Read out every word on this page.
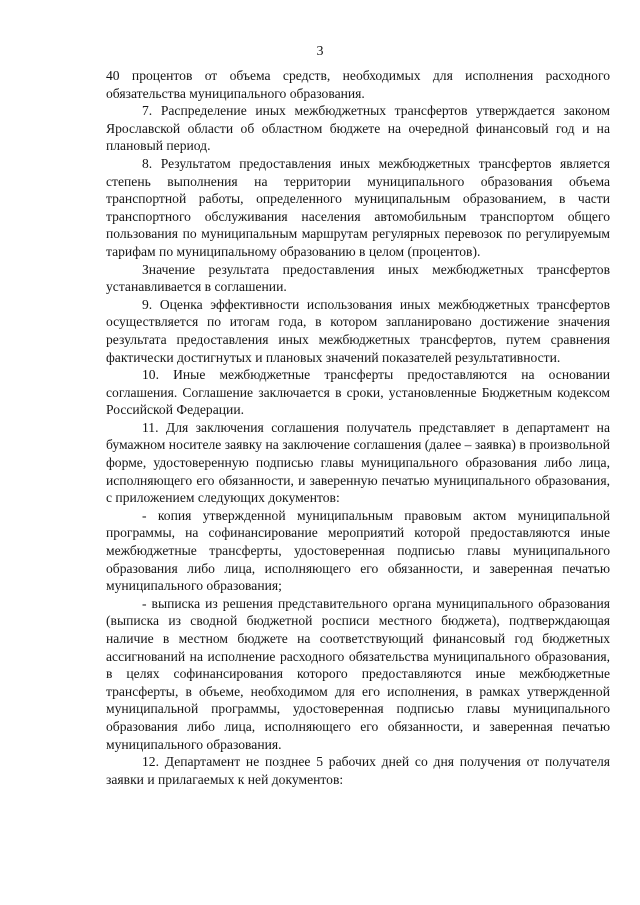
3

40 процентов от объема средств, необходимых для исполнения расходного обязательства муниципального образования.

7. Распределение иных межбюджетных трансфертов утверждается законом Ярославской области об областном бюджете на очередной финансовый год и на плановый период.

8. Результатом предоставления иных межбюджетных трансфертов является степень выполнения на территории муниципального образования объема транспортной работы, определенного муниципальным образованием, в части транспортного обслуживания населения автомобильным транспортом общего пользования по муниципальным маршрутам регулярных перевозок по регулируемым тарифам по муниципальному образованию в целом (процентов).

Значение результата предоставления иных межбюджетных трансфертов устанавливается в соглашении.

9. Оценка эффективности использования иных межбюджетных трансфертов осуществляется по итогам года, в котором запланировано достижение значения результата предоставления иных межбюджетных трансфертов, путем сравнения фактически достигнутых и плановых значений показателей результативности.

10. Иные межбюджетные трансферты предоставляются на основании соглашения. Соглашение заключается в сроки, установленные Бюджетным кодексом Российской Федерации.

11. Для заключения соглашения получатель представляет в департамент на бумажном носителе заявку на заключение соглашения (далее – заявка) в произвольной форме, удостоверенную подписью главы муниципального образования либо лица, исполняющего его обязанности, и заверенную печатью муниципального образования, с приложением следующих документов:

- копия утвержденной муниципальным правовым актом муниципальной программы, на софинансирование мероприятий которой предоставляются иные межбюджетные трансферты, удостоверенная подписью главы муниципального образования либо лица, исполняющего его обязанности, и заверенная печатью муниципального образования;

- выписка из решения представительного органа муниципального образования (выписка из сводной бюджетной росписи местного бюджета), подтверждающая наличие в местном бюджете на соответствующий финансовый год бюджетных ассигнований на исполнение расходного обязательства муниципального образования, в целях софинансирования которого предоставляются иные межбюджетные трансферты, в объеме, необходимом для его исполнения, в рамках утвержденной муниципальной программы, удостоверенная подписью главы муниципального образования либо лица, исполняющего его обязанности, и заверенная печатью муниципального образования.

12. Департамент не позднее 5 рабочих дней со дня получения от получателя заявки и прилагаемых к ней документов:
